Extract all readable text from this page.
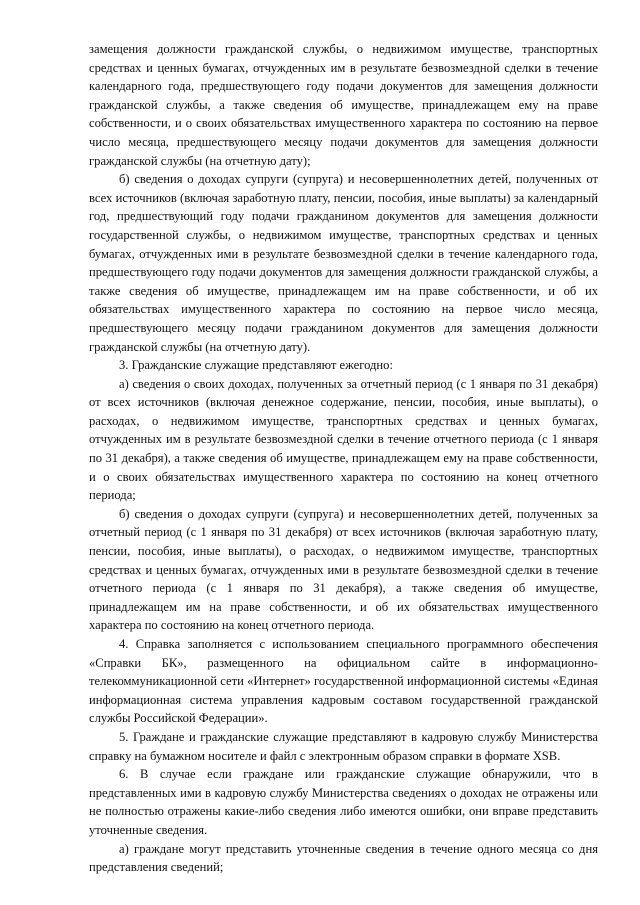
замещения должности гражданской службы, о недвижимом имуществе, транспортных средствах и ценных бумагах, отчужденных им в результате безвозмездной сделки в течение календарного года, предшествующего году подачи документов для замещения должности гражданской службы, а также сведения об имуществе, принадлежащем ему на праве собственности, и о своих обязательствах имущественного характера по состоянию на первое число месяца, предшествующего месяцу подачи документов для замещения должности гражданской службы (на отчетную дату);

б) сведения о доходах супруги (супруга) и несовершеннолетних детей, полученных от всех источников (включая заработную плату, пенсии, пособия, иные выплаты) за календарный год, предшествующий году подачи гражданином документов для замещения должности государственной службы, о недвижимом имуществе, транспортных средствах и ценных бумагах, отчужденных ими в результате безвозмездной сделки в течение календарного года, предшествующего году подачи документов для замещения должности гражданской службы, а также сведения об имуществе, принадлежащем им на праве собственности, и об их обязательствах имущественного характера по состоянию на первое число месяца, предшествующего месяцу подачи гражданином документов для замещения должности гражданской службы (на отчетную дату).

3. Гражданские служащие представляют ежегодно:

а) сведения о своих доходах, полученных за отчетный период (с 1 января по 31 декабря) от всех источников (включая денежное содержание, пенсии, пособия, иные выплаты), о расходах, о недвижимом имуществе, транспортных средствах и ценных бумагах, отчужденных им в результате безвозмездной сделки в течение отчетного периода (с 1 января по 31 декабря), а также сведения об имуществе, принадлежащем ему на праве собственности, и о своих обязательствах имущественного характера по состоянию на конец отчетного периода;

б) сведения о доходах супруги (супруга) и несовершеннолетних детей, полученных за отчетный период (с 1 января по 31 декабря) от всех источников (включая заработную плату, пенсии, пособия, иные выплаты), о расходах, о недвижимом имуществе, транспортных средствах и ценных бумагах, отчужденных ими в результате безвозмездной сделки в течение отчетного периода (с 1 января по 31 декабря), а также сведения об имуществе, принадлежащем им на праве собственности, и об их обязательствах имущественного характера по состоянию на конец отчетного периода.

4. Справка заполняется с использованием специального программного обеспечения «Справки БК», размещенного на официальном сайте в информационно-телекоммуникационной сети «Интернет» государственной информационной системы «Единая информационная система управления кадровым составом государственной гражданской службы Российской Федерации».

5. Граждане и гражданские служащие представляют в кадровую службу Министерства справку на бумажном носителе и файл с электронным образом справки в формате XSB.

6. В случае если граждане или гражданские служащие обнаружили, что в представленных ими в кадровую службу Министерства сведениях о доходах не отражены или не полностью отражены какие-либо сведения либо имеются ошибки, они вправе представить уточненные сведения.

а) граждане могут представить уточненные сведения в течение одного месяца со дня представления сведений;
